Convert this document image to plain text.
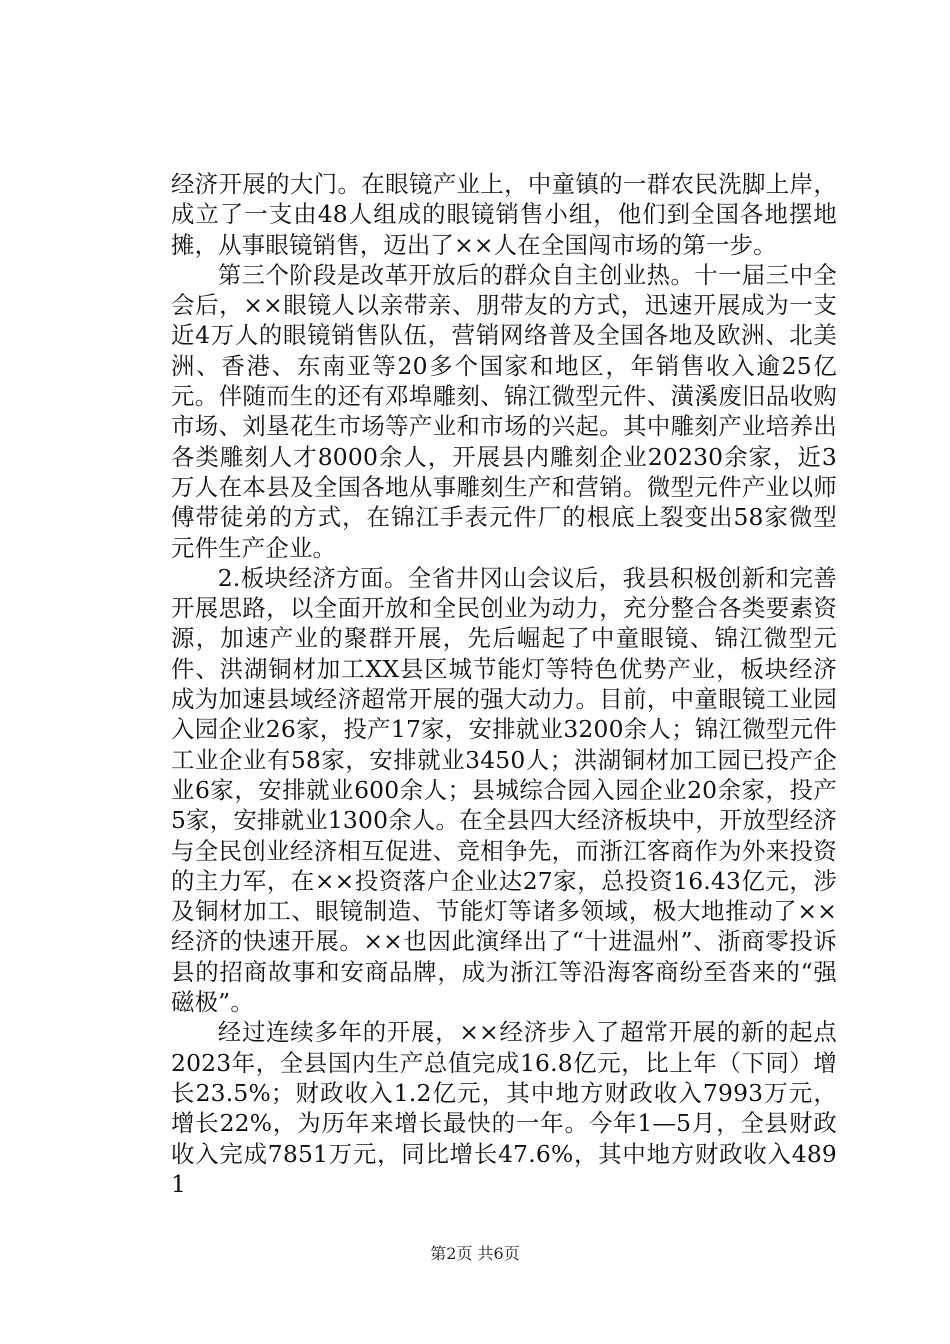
经济开展的大门。在眼镜产业上，中童镇的一群农民洗脚上岸，成立了一支由48人组成的眼镜销售小组，他们到全国各地摆地摊，从事眼镜销售，迈出了××人在全国闯市场的第一步。

第三个阶段是改革开放后的群众自主创业热。十一届三中全会后，××眼镜人以亲带亲、朋带友的方式，迅速开展成为一支近4万人的眼镜销售队伍，营销网络普及全国各地及欧洲、北美洲、香港、东南亚等20多个国家和地区，年销售收入逾25亿元。伴随而生的还有邓埠雕刻、锦江微型元件、潢溪废旧品收购市场、刘垦花生市场等产业和市场的兴起。其中雕刻产业培养出各类雕刻人才8000余人，开展县内雕刻企业20230余家，近3万人在本县及全国各地从事雕刻生产和营销。微型元件产业以师傅带徒弟的方式，在锦江手表元件厂的根底上裂变出58家微型元件生产企业。

2.板块经济方面。全省井冈山会议后，我县积极创新和完善开展思路，以全面开放和全民创业为动力，充分整合各类要素资源，加速产业的聚群开展，先后崛起了中童眼镜、锦江微型元件、洪湖铜材加工XX县区城节能灯等特色优势产业，板块经济成为加速县域经济超常开展的强大动力。目前，中童眼镜工业园入园企业26家，投产17家，安排就业3200余人；锦江微型元件工业企业有58家，安排就业3450人；洪湖铜材加工园已投产企业6家，安排就业600余人；县城综合园入园企业20余家，投产5家，安排就业1300余人。在全县四大经济板块中，开放型经济与全民创业经济相互促进、竞相争先，而浙江客商作为外来投资的主力军，在××投资落户企业达27家，总投资16.43亿元，涉及铜材加工、眼镜制造、节能灯等诸多领域，极大地推动了××经济的快速开展。××也因此演绎出了“十进温州”、浙商零投诉县的招商故事和安商品牌，成为浙江等沿海客商纷至沓来的“强磁极”。

经过连续多年的开展，××经济步入了超常开展的新的起点2023年，全县国内生产总值完成16.8亿元，比上年（下同）增长23.5%；财政收入1.2亿元，其中地方财政收入7993万元，增长22%，为历年来增长最快的一年。今年1—5月，全县财政收入完成7851万元，同比增长47.6%，其中地方财政收入4891

第2页 共6页
